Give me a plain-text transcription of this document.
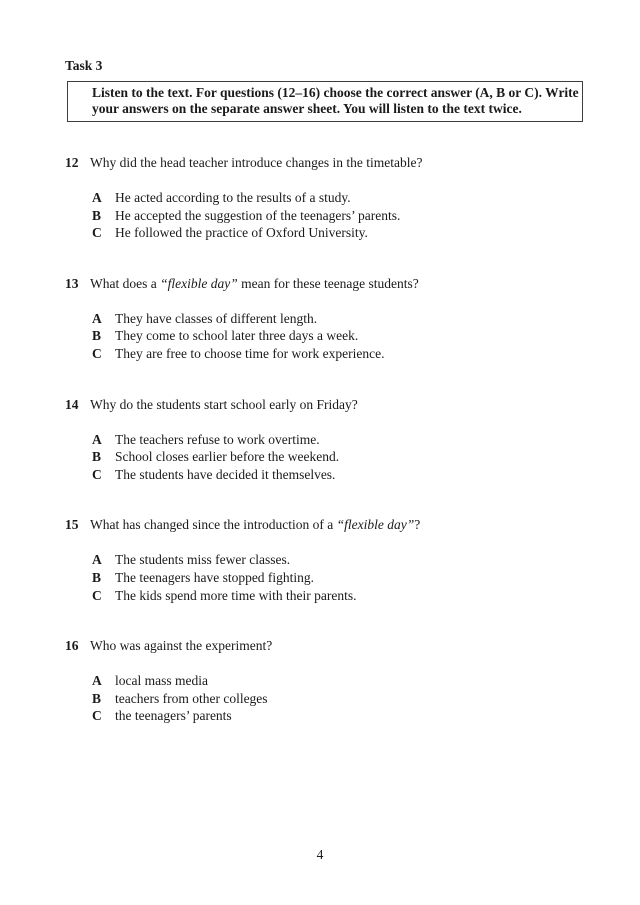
Task 3
Listen to the text. For questions (12–16) choose the correct answer (A, B or C). Write
your answers on the separate answer sheet. You will listen to the text twice.
12 Why did the head teacher introduce changes in the timetable?
A He acted according to the results of a study.
B	He accepted the suggestion of the teenagers’ parents.
C He followed the practice of Oxford University.
13 What does a “flexible day” mean for these teenage students?
A They have classes of different length.
B	They come to school later three days a week.
C They are free to choose time for work experience.
14 Why do the students start school early on Friday?
A The teachers refuse to work overtime.
B	School closes earlier before the weekend.
C The students have decided it themselves.
15 What has changed since the introduction of a “flexible day”?
A The students miss fewer classes.
B	The teenagers have stopped fighting.
C The kids spend more time with their parents.
16 Who was against the experiment?
A local mass media
B	teachers from other colleges
C the teenagers’ parents
4
